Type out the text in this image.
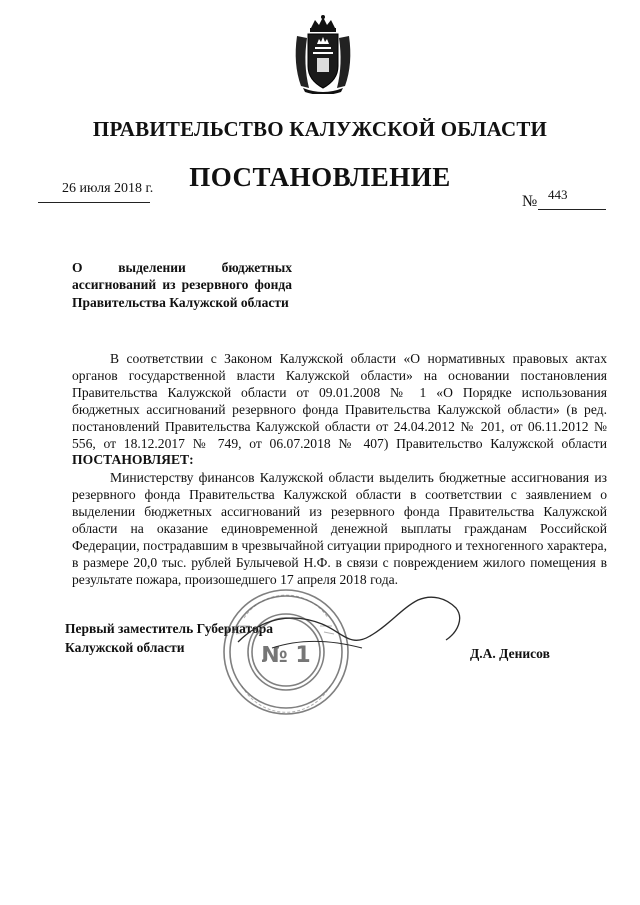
ПРАВИТЕЛЬСТВО КАЛУЖСКОЙ ОБЛАСТИ
ПОСТАНОВЛЕНИЕ
26 июля 2018 г.
№ 443

О выделении бюджетных ассигнований из резервного фонда Правительства Калужской области

В соответствии с Законом Калужской области «О нормативных правовых актах органов государственной власти Калужской области» на основании постановления Правительства Калужской области от 09.01.2008 № 1 «О Порядке использования бюджетных ассигнований резервного фонда Правительства Калужской области» (в ред. постановлений Правительства Калужской области от 24.04.2012 № 201, от 06.11.2012 № 556, от 18.12.2017 № 749, от 06.07.2018 № 407) Правительство Калужской области ПОСТАНОВЛЯЕТ:

Министерству финансов Калужской области выделить бюджетные ассигнования из резервного фонда Правительства Калужской области в соответствии с заявлением о выделении бюджетных ассигнований из резервного фонда Правительства Калужской области на оказание единовременной денежной выплаты гражданам Российской Федерации, пострадавшим в чрезвычайной ситуации природного и техногенного характера, в размере 20,0 тыс. рублей Булычевой Н.Ф. в связи с повреждением жилого помещения в результате пожара, произошедшего 17 апреля 2018 года.

Первый заместитель Губернатора
Калужской области	№ 1	Д.А. Денисов
